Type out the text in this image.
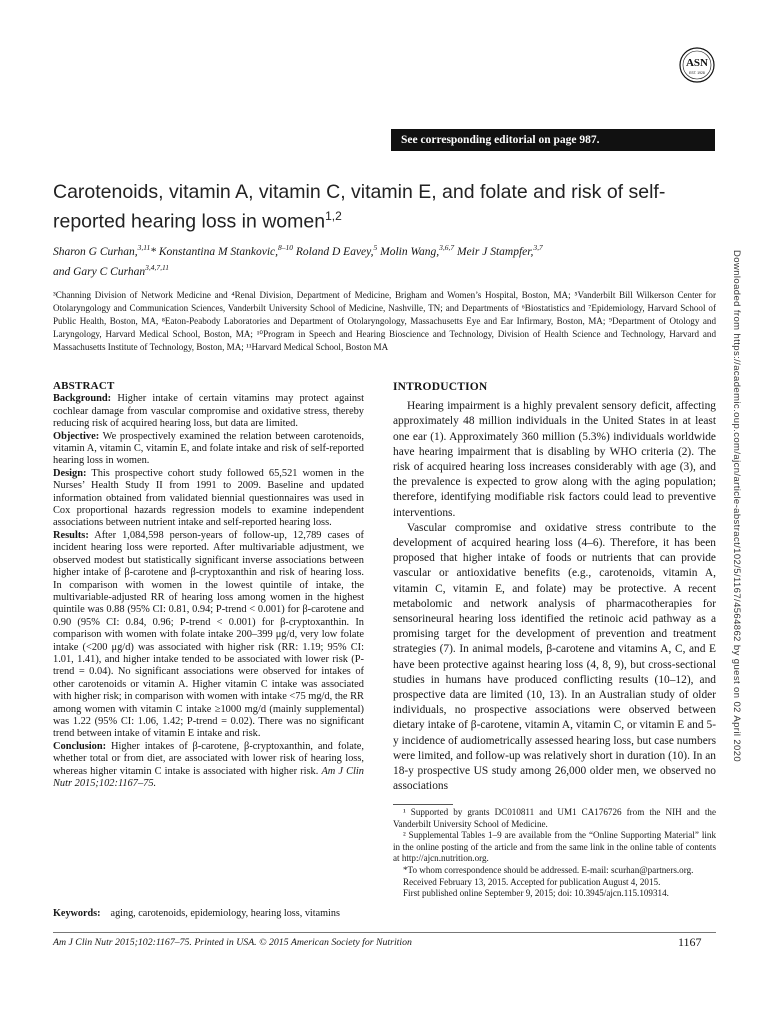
ASN
EST. 1928
See corresponding editorial on page 987.
Carotenoids, vitamin A, vitamin C, vitamin E, and folate and risk of self-reported hearing loss in women$^{1,2}$

Sharon G Curhan,$^{3,11}$* Konstantina M Stankovic,$^{8-10}$ Roland D Eavey,$^5$ Molin Wang,$^{3,6,7}$ Meir J Stampfer,$^{3,7}$
and Gary C Curhan$^{3,4,7,11}$

³Channing Division of Network Medicine and ⁴Renal Division, Department of Medicine, Brigham and Women’s Hospital, Boston, MA; ⁵Vanderbilt Bill Wilkerson Center for Otolaryngology and Communication Sciences, Vanderbilt University School of Medicine, Nashville, TN; and Departments of ⁶Biostatistics and ⁷Epidemiology, Harvard School of Public Health, Boston, MA, ⁸Eaton-Peabody Laboratories and Department of Otolaryngology, Massachusetts Eye and Ear Infirmary, Boston, MA; ⁹Department of Otology and Laryngology, Harvard Medical School, Boston, MA; ¹⁰Program in Speech and Hearing Bioscience and Technology, Division of Health Science and Technology, Harvard and Massachusetts Institute of Technology, Boston, MA; ¹¹Harvard Medical School, Boston MA	Downloaded from https://academic.oup.com/ajcn/article-abstract/102/5/1167/4564862 by guest on 02 April 2020
ABSTRACT

Background: Higher intake of certain vitamins may protect against cochlear damage from vascular compromise and oxidative stress, thereby reducing risk of acquired hearing loss, but data are limited.

Objective: We prospectively examined the relation between carotenoids, vitamin A, vitamin C, vitamin E, and folate intake and risk of self-reported hearing loss in women.

Design: This prospective cohort study followed 65,521 women in the Nurses’ Health Study II from 1991 to 2009. Baseline and updated information obtained from validated biennial questionnaires was used in Cox proportional hazards regression models to examine independent associations between nutrient intake and self-reported hearing loss.

Results: After 1,084,598 person-years of follow-up, 12,789 cases of incident hearing loss were reported. After multivariable adjustment, we observed modest but statistically significant inverse associations between higher intake of β-carotene and β-cryptoxanthin and risk of hearing loss. In comparison with women in the lowest quintile of intake, the multivariable-adjusted RR of hearing loss among women in the highest quintile was 0.88 (95% CI: 0.81, 0.94; P-trend < 0.001) for β-carotene and 0.90 (95% CI: 0.84, 0.96; P-trend < 0.001) for β-cryptoxanthin. In comparison with women with folate intake 200–399 μg/d, very low folate intake (<200 μg/d) was associated with higher risk (RR: 1.19; 95% CI: 1.01, 1.41), and higher intake tended to be associated with lower risk (P-trend = 0.04). No significant associations were observed for intakes of other carotenoids or vitamin A. Higher vitamin C intake was associated with higher risk; in comparison with women with intake <75 mg/d, the RR among women with vitamin C intake ≥1000 mg/d (mainly supplemental) was 1.22 (95% CI: 1.06, 1.42; P-trend = 0.02). There was no significant trend between intake of vitamin E intake and risk.

Conclusion: Higher intakes of β-carotene, β-cryptoxanthin, and folate, whether total or from diet, are associated with lower risk of hearing loss, whereas higher vitamin C intake is associated with higher risk. Am J Clin Nutr 2015;102:1167–75.

Keywords: aging, carotenoids, epidemiology, hearing loss, vitamins
INTRODUCTION

Hearing impairment is a highly prevalent sensory deficit, affecting approximately 48 million individuals in the United States in at least one ear (1). Approximately 360 million (5.3%) individuals worldwide have hearing impairment that is disabling by WHO criteria (2). The risk of acquired hearing loss increases considerably with age (3), and the prevalence is expected to grow along with the aging population; therefore, identifying modifiable risk factors could lead to preventive interventions.

Vascular compromise and oxidative stress contribute to the development of acquired hearing loss (4–6). Therefore, it has been proposed that higher intake of foods or nutrients that can provide vascular or antioxidative benefits (e.g., carotenoids, vitamin A, vitamin C, vitamin E, and folate) may be protective. A recent metabolomic and network analysis of pharmacotherapies for sensorineural hearing loss identified the retinoic acid pathway as a promising target for the development of prevention and treatment strategies (7). In animal models, β-carotene and vitamins A, C, and E have been protective against hearing loss (4, 8, 9), but cross-sectional studies in humans have produced conflicting results (10–12), and prospective data are limited (10, 13). In an Australian study of older individuals, no prospective associations were observed between dietary intake of β-carotene, vitamin A, vitamin C, or vitamin E and 5-y incidence of audiometrically assessed hearing loss, but case numbers were limited, and follow-up was relatively short in duration (10). In an 18-y prospective US study among 26,000 older men, we observed no associations

¹ Supported by grants DC010811 and UM1 CA176726 from the NIH and the Vanderbilt University School of Medicine.

² Supplemental Tables 1–9 are available from the “Online Supporting Material” link in the online posting of the article and from the same link in the online table of contents at http://ajcn.nutrition.org.

*To whom correspondence should be addressed. E-mail: scurhan@partners.org.

Received February 13, 2015. Accepted for publication August 4, 2015.

First published online September 9, 2015; doi: 10.3945/ajcn.115.109314.

Am J Clin Nutr 2015;102:1167–75. Printed in USA. © 2015 American Society for Nutrition	1167
